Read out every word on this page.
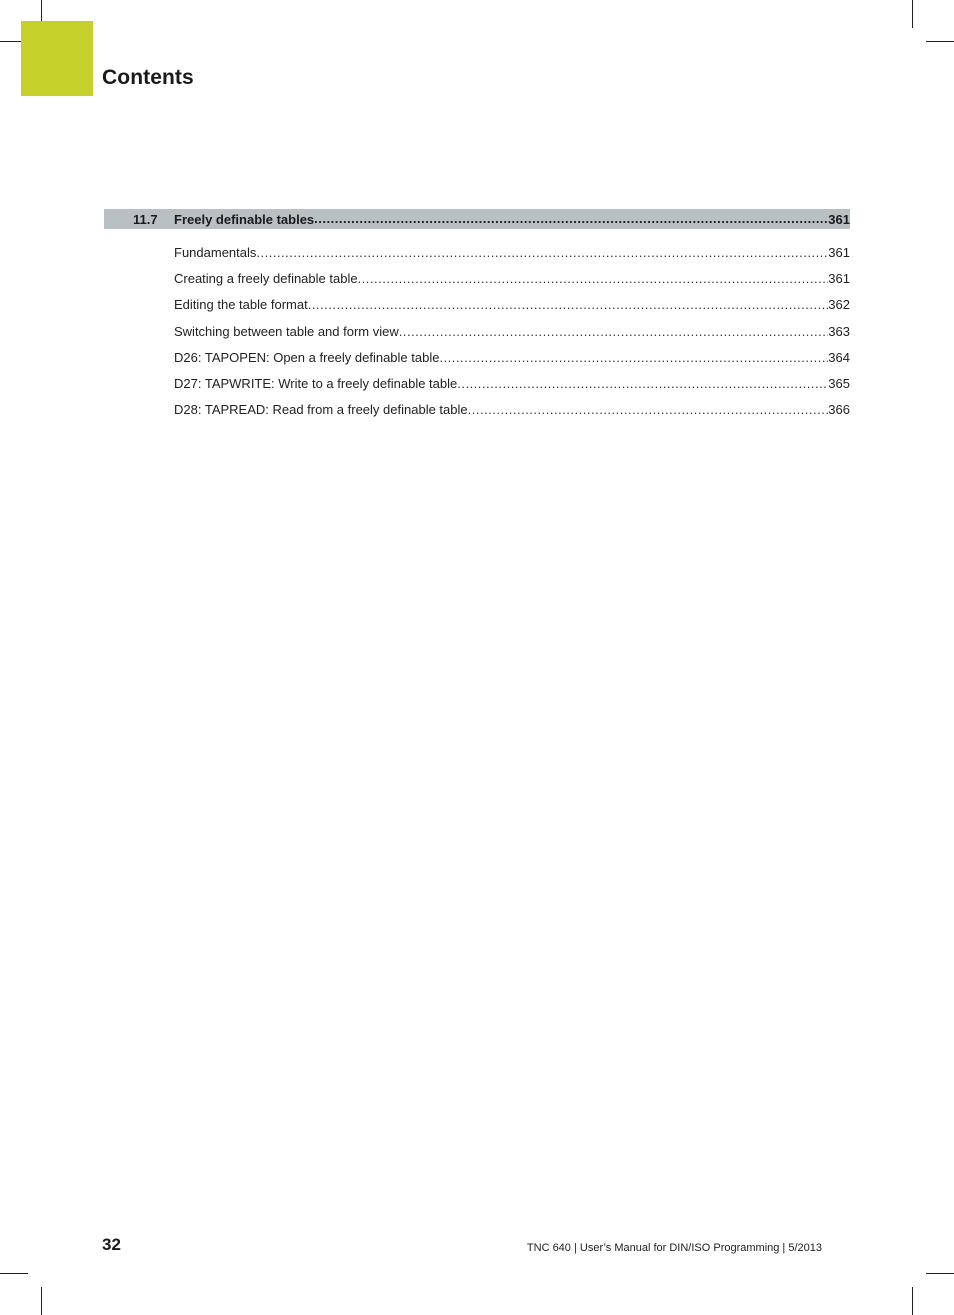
Contents
11.7	Freely definable tables .....	361
Fundamentals .....	361
Creating a freely definable table .....	361
Editing the table format .....	362
Switching between table and form view .....	363
D26: TAPOPEN: Open a freely definable table .....	364
D27: TAPWRITE: Write to a freely definable table .....	365
D28: TAPREAD: Read from a freely definable table .....	366
32	TNC 640 | User’s Manual for DIN/ISO Programming | 5/2013
